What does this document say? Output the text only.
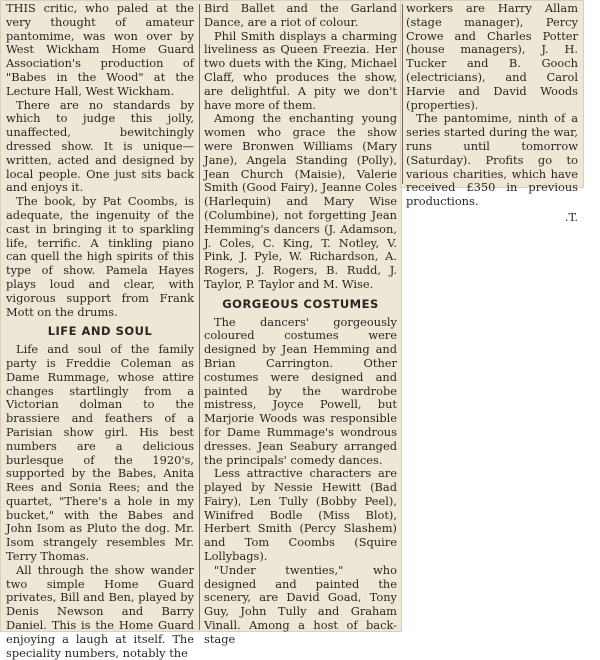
THIS critic, who paled at the very thought of amateur pantomime, was won over by West Wickham Home Guard Association's production of "Babes in the Wood" at the Lecture Hall, West Wickham.

There are no standards by which to judge this jolly, unaffected, bewitchingly dressed show. It is unique—written, acted and designed by local people. One just sits back and enjoys it.

The book, by Pat Coombs, is adequate, the ingenuity of the cast in bringing it to sparkling life, terrific. A tinkling piano can quell the high spirits of this type of show. Pamela Hayes plays loud and clear, with vigorous support from Frank Mott on the drums.

LIFE AND SOUL

Life and soul of the family party is Freddie Coleman as Dame Rummage, whose attire changes startlingly from a Victorian dolman to the brassiere and feathers of a Parisian show girl. His best numbers are a delicious burlesque of the 1920's, supported by the Babes, Anita Rees and Sonia Rees; and the quartet, "There's a hole in my bucket," with the Babes and John Isom as Pluto the dog. Mr. Isom strangely resembles Mr. Terry Thomas.

All through the show wander two simple Home Guard privates, Bill and Ben, played by Denis Newson and Barry Daniel. This is the Home Guard enjoying a laugh at itself. The speciality numbers, notably the

Bird Ballet and the Garland Dance, are a riot of colour.

Phil Smith displays a charming liveliness as Queen Freezia. Her two duets with the King, Michael Claff, who produces the show, are delightful. A pity we don't have more of them.

Among the enchanting young women who grace the show were Bronwen Williams (Mary Jane), Angela Standing (Polly), Jean Church (Maisie), Valerie Smith (Good Fairy), Jeanne Coles (Harlequin) and Mary Wise (Columbine), not forgetting Jean Hemming's dancers (J. Adamson, J. Coles, C. King, T. Notley, V. Pink, J. Pyle, W. Richardson, A. Rogers, J. Rogers, B. Rudd, J. Taylor, P. Taylor and M. Wise.

GORGEOUS COSTUMES

The dancers' gorgeously coloured costumes were designed by Jean Hemming and Brian Carrington. Other costumes were designed and painted by the wardrobe mistress, Joyce Powell, but Marjorie Woods was responsible for Dame Rummage's wondrous dresses. Jean Seabury arranged the principals' comedy dances.

Less attractive characters are played by Nessie Hewitt (Bad Fairy), Len Tully (Bobby Peel), Winifred Bodle (Miss Blot), Herbert Smith (Percy Slashem) and Tom Coombs (Squire Lollybags).

"Under twenties," who designed and painted the scenery, are David Goad, Tony Guy, John Tully and Graham Vinall. Among a host of back-stage

workers are Harry Allam (stage manager), Percy Crowe and Charles Potter (house managers), J. H. Tucker and B. Gooch (electricians), and Carol Harvie and David Woods (properties).

The pantomime, ninth of a series started during the war, runs until tomorrow (Saturday). Profits go to various charities, which have received £350 in previous productions.

.T.
